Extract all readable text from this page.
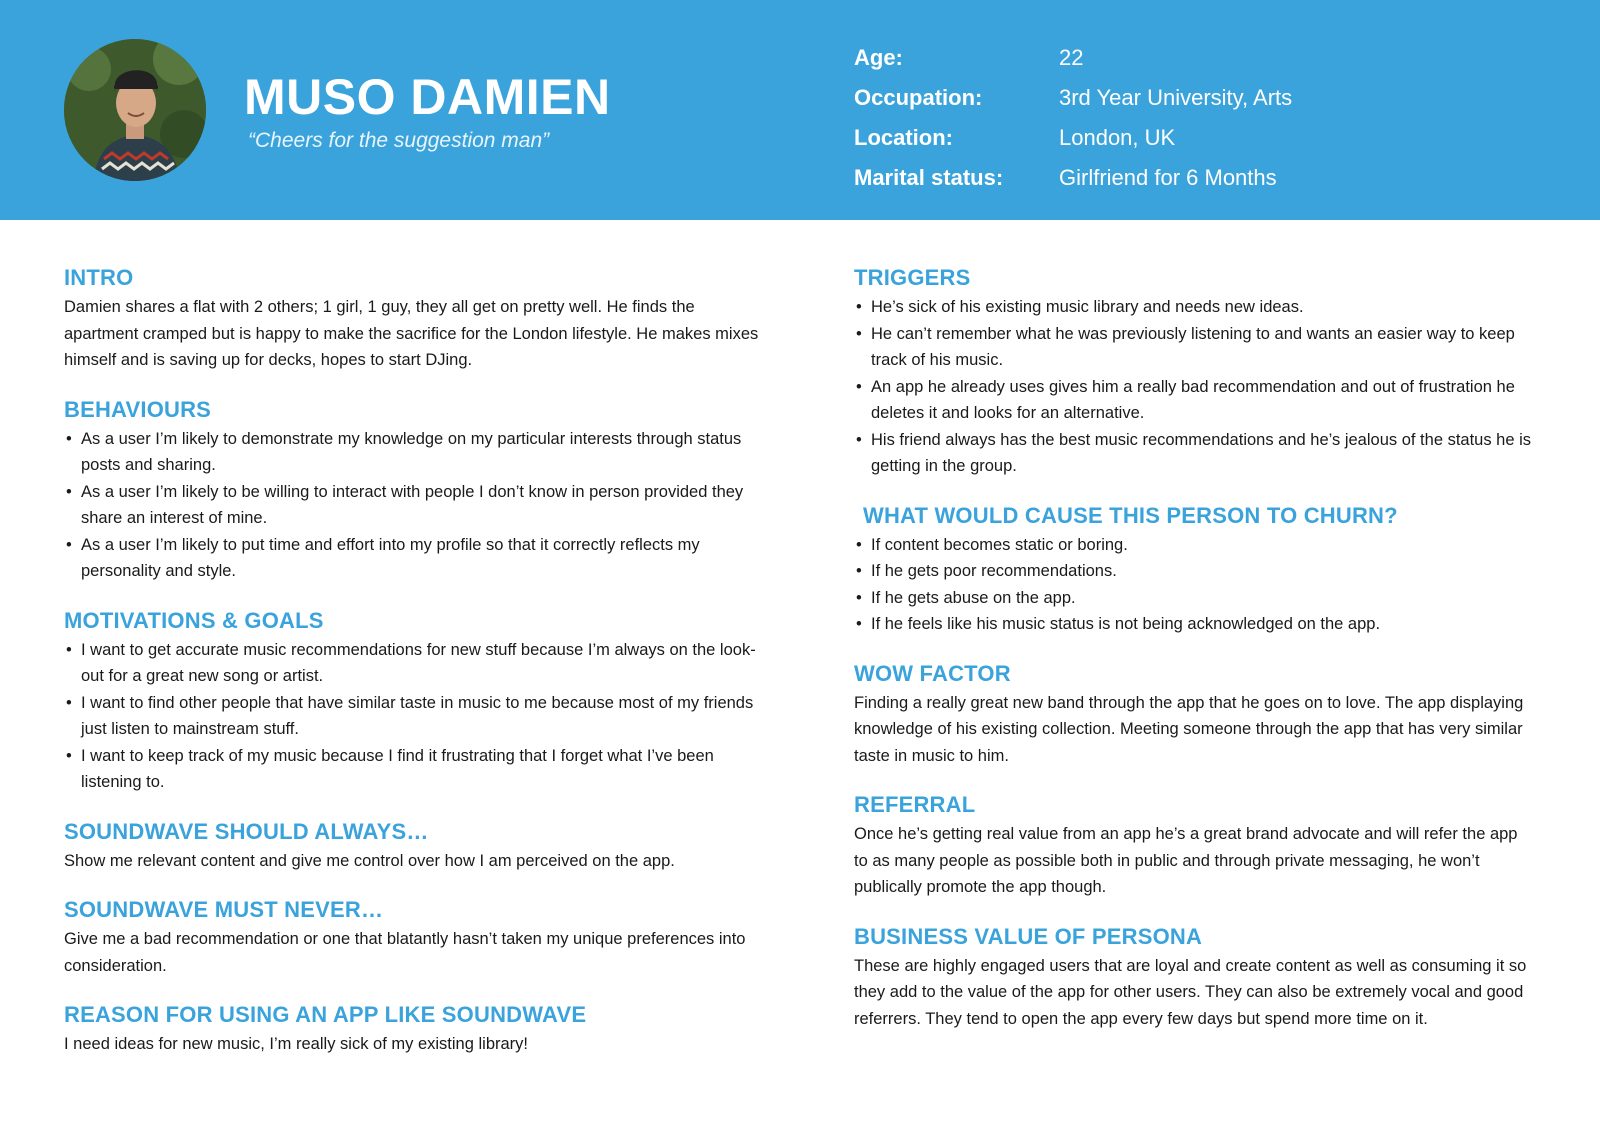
MUSO DAMIEN
“Cheers for the suggestion man”
Age:	22
Occupation:	3rd Year University, Arts
Location:	London, UK
Marital status:	Girlfriend for 6 Months
INTRO
Damien shares a flat with 2 others; 1 girl, 1 guy, they all get on pretty well. He finds the apartment cramped but is happy to make the sacrifice for the London lifestyle. He makes mixes himself and is saving up for decks, hopes to start DJing.
BEHAVIOURS
• As a user I’m likely to demonstrate my knowledge on my particular interests through status posts and sharing.
• As a user I’m likely to be willing to interact with people I don’t know in person provided they share an interest of mine.
• As a user I’m likely to put time and effort into my profile so that it correctly reflects my personality and style.
MOTIVATIONS & GOALS
• I want to get accurate music recommendations for new stuff because I’m always on the look-out for a great new song or artist.
• I want to find other people that have similar taste in music to me because most of my friends just listen to mainstream stuff.
• I want to keep track of my music because I find it frustrating that I forget what I’ve been listening to.
SOUNDWAVE SHOULD ALWAYS…
Show me relevant content and give me control over how I am perceived on the app.
SOUNDWAVE MUST NEVER…
Give me a bad recommendation or one that blatantly hasn’t taken my unique preferences into consideration.
REASON FOR USING AN APP LIKE SOUNDWAVE
I need ideas for new music, I’m really sick of my existing library!
TRIGGERS
• He’s sick of his existing music library and needs new ideas.
• He can’t remember what he was previously listening to and wants an easier way to keep track of his music.
• An app he already uses gives him a really bad recommendation and out of frustration he deletes it and looks for an alternative.
• His friend always has the best music recommendations and he’s jealous of the status he is getting in the group.
WHAT WOULD CAUSE THIS PERSON TO CHURN?
• If content becomes static or boring.
• If he gets poor recommendations.
• If he gets abuse on the app.
• If he feels like his music status is not being acknowledged on the app.
WOW FACTOR
Finding a really great new band through the app that he goes on to love. The app displaying knowledge of his existing collection. Meeting someone through the app that has very similar taste in music to him.
REFERRAL
Once he’s getting real value from an app he’s a great brand advocate and will refer the app to as many people as possible both in public and through private messaging, he won’t publically promote the app though.
BUSINESS VALUE OF PERSONA
These are highly engaged users that are loyal and create content as well as consuming it so they add to the value of the app for other users. They can also be extremely vocal and good referrers. They tend to open the app every few days but spend more time on it.
